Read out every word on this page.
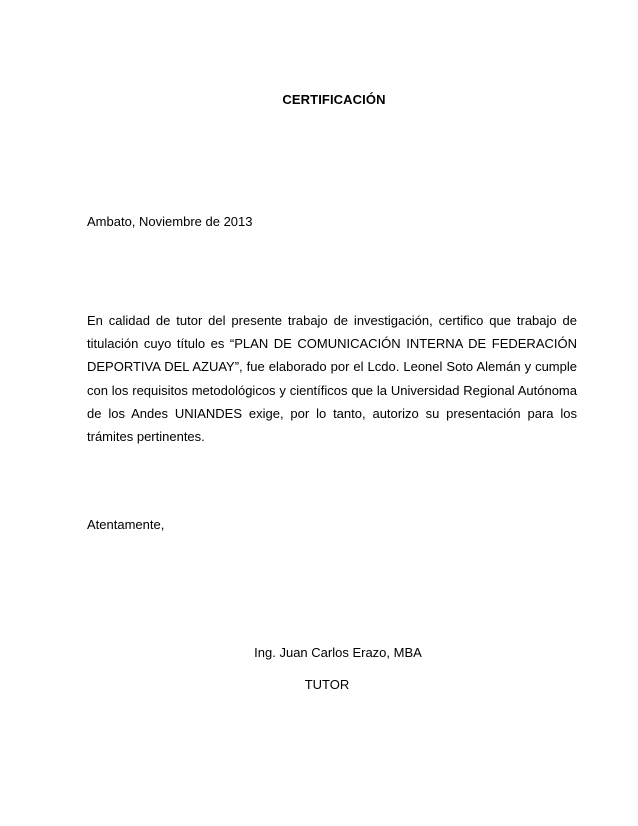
CERTIFICACIÓN
Ambato, Noviembre de 2013
En calidad de tutor del presente trabajo de investigación, certifico que trabajo de titulación cuyo título es “PLAN DE COMUNICACIÓN INTERNA DE FEDERACIÓN DEPORTIVA DEL AZUAY”, fue elaborado por el Lcdo. Leonel Soto Alemán y cumple con los requisitos metodológicos y científicos que la Universidad Regional Autónoma de los Andes UNIANDES exige, por lo tanto, autorizo su presentación para los trámites pertinentes.
Atentamente,
Ing. Juan Carlos Erazo, MBA
TUTOR
